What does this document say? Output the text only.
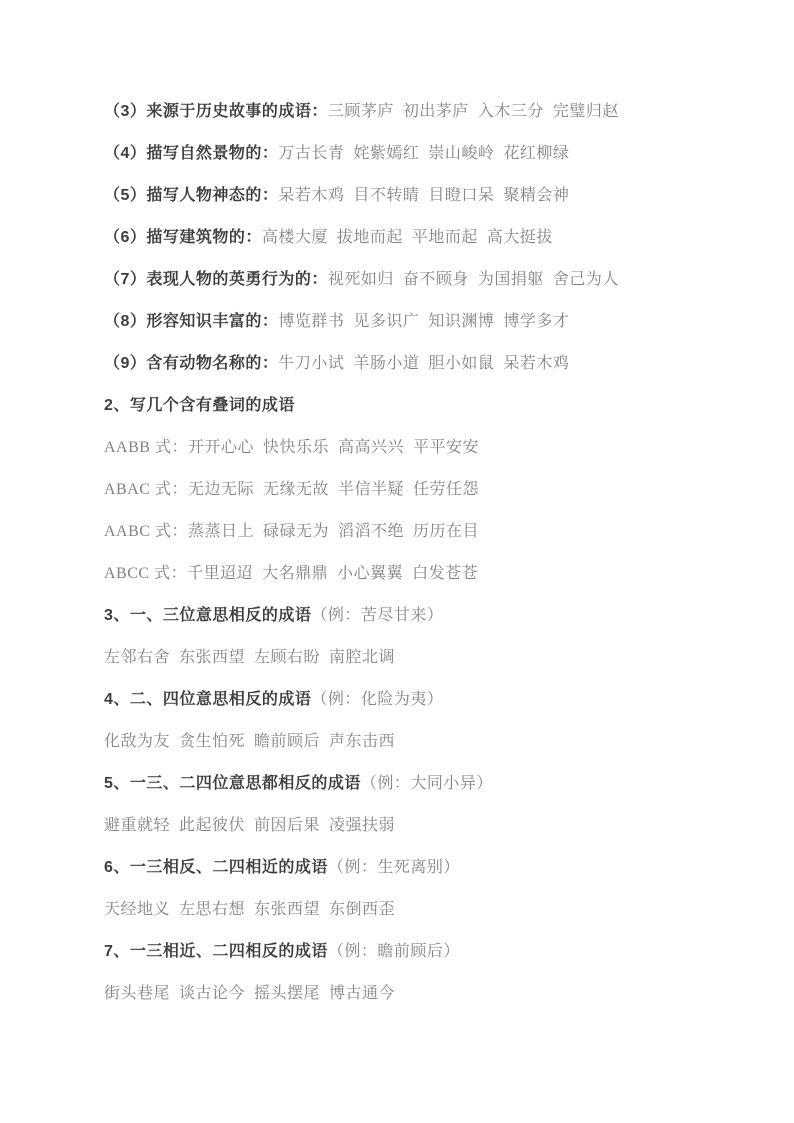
（3）来源于历史故事的成语：三顾茅庐  初出茅庐  入木三分  完璧归赵

（4）描写自然景物的：万古长青  姹紫嫣红  崇山峻岭  花红柳绿

（5）描写人物神态的：呆若木鸡  目不转睛  目瞪口呆  聚精会神

（6）描写建筑物的：高楼大厦  拔地而起  平地而起  高大挺拔

（7）表现人物的英勇行为的：视死如归  奋不顾身  为国捐躯  舍己为人

（8）形容知识丰富的：博览群书  见多识广  知识渊博  博学多才

（9）含有动物名称的：牛刀小试  羊肠小道  胆小如鼠  呆若木鸡

2、写几个含有叠词的成语

AABB 式：开开心心  快快乐乐  高高兴兴  平平安安

ABAC 式：无边无际  无缘无故  半信半疑  任劳任怨

AABC 式：蒸蒸日上  碌碌无为  滔滔不绝  历历在目

ABCC 式：千里迢迢  大名鼎鼎  小心翼翼  白发苍苍

3、一、三位意思相反的成语（例：苦尽甘来）

左邻右舍  东张西望  左顾右盼  南腔北调

4、二、四位意思相反的成语（例：化险为夷）

化敌为友  贪生怕死  瞻前顾后  声东击西

5、一三、二四位意思都相反的成语（例：大同小异）

避重就轻  此起彼伏  前因后果  凌强扶弱

6、一三相反、二四相近的成语（例：生死离别）

天经地义  左思右想  东张西望  东倒西歪

7、一三相近、二四相反的成语（例：瞻前顾后）

街头巷尾  谈古论今  摇头摆尾  博古通今
